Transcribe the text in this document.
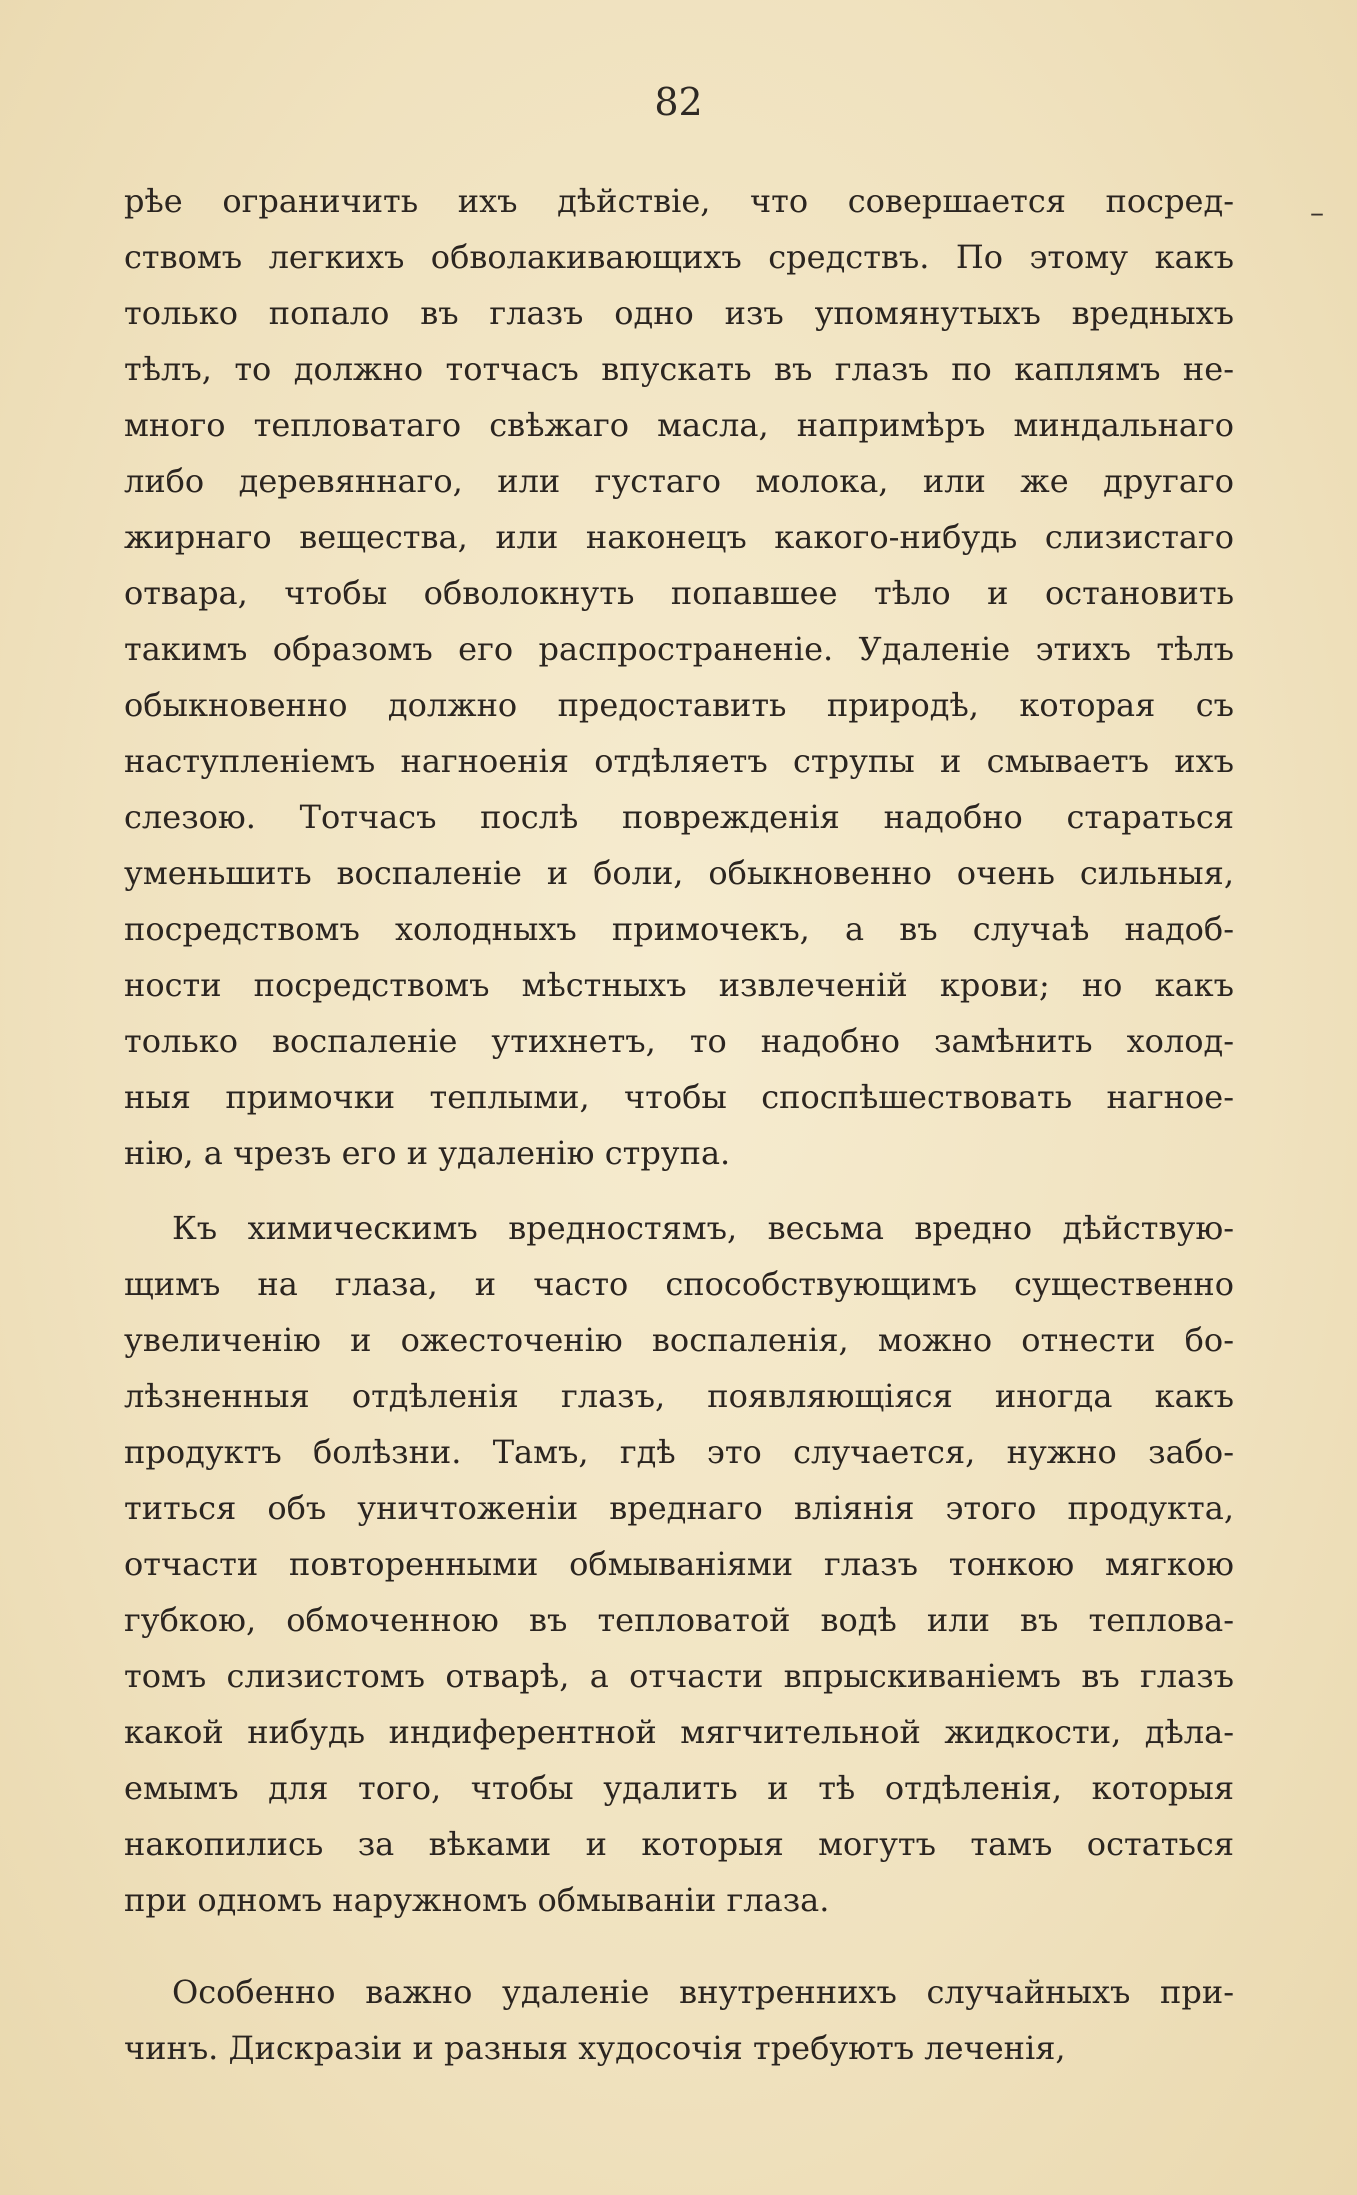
82
–
рѣе ограничить ихъ дѣйствіе, что совершается посред-
ствомъ легкихъ обволакивающихъ средствъ. По этому какъ
только попало въ глазъ одно изъ упомянутыхъ вредныхъ
тѣлъ, то должно тотчасъ впускать въ глазъ по каплямъ не-
много тепловатаго свѣжаго масла, напримѣръ миндальнаго
либо деревяннаго, или густаго молока, или же другаго
жирнаго вещества, или наконецъ какого-нибудь слизистаго
отвара, чтобы обволокнуть попавшее тѣло и остановить
такимъ образомъ его распространеніе. Удаленіе этихъ тѣлъ
обыкновенно должно предоставить природѣ, которая съ
наступленіемъ нагноенія отдѣляетъ струпы и смываетъ ихъ
слезою. Тотчасъ послѣ поврежденія надобно стараться
уменьшить воспаленіе и боли, обыкновенно очень сильныя,
посредствомъ холодныхъ примочекъ, а въ случаѣ надоб-
ности посредствомъ мѣстныхъ извлеченій крови; но какъ
только воспаленіе утихнетъ, то надобно замѣнить холод-
ныя примочки теплыми, чтобы споспѣшествовать нагное-
нію, а чрезъ его и удаленію струпа.
Къ химическимъ вредностямъ, весьма вредно дѣйствую-
щимъ на глаза, и часто способствующимъ существенно
увеличенію и ожесточенію воспаленія, можно отнести бо-
лѣзненныя отдѣленія глазъ, появляющіяся иногда какъ
продуктъ болѣзни. Тамъ, гдѣ это случается, нужно забо-
титься объ уничтоженіи вреднаго вліянія этого продукта,
отчасти повторенными обмываніями глазъ тонкою мягкою
губкою, обмоченною въ тепловатой водѣ или въ теплова-
томъ слизистомъ отварѣ, а отчасти впрыскиваніемъ въ глазъ
какой нибудь индиферентной мягчительной жидкости, дѣла-
емымъ для того, чтобы удалить и тѣ отдѣленія, которыя
накопились за вѣками и которыя могутъ тамъ остаться
при одномъ наружномъ обмываніи глаза.
Особенно важно удаленіе внутреннихъ случайныхъ при-
чинъ. Дискразіи и разныя худосочія требуютъ леченія,
